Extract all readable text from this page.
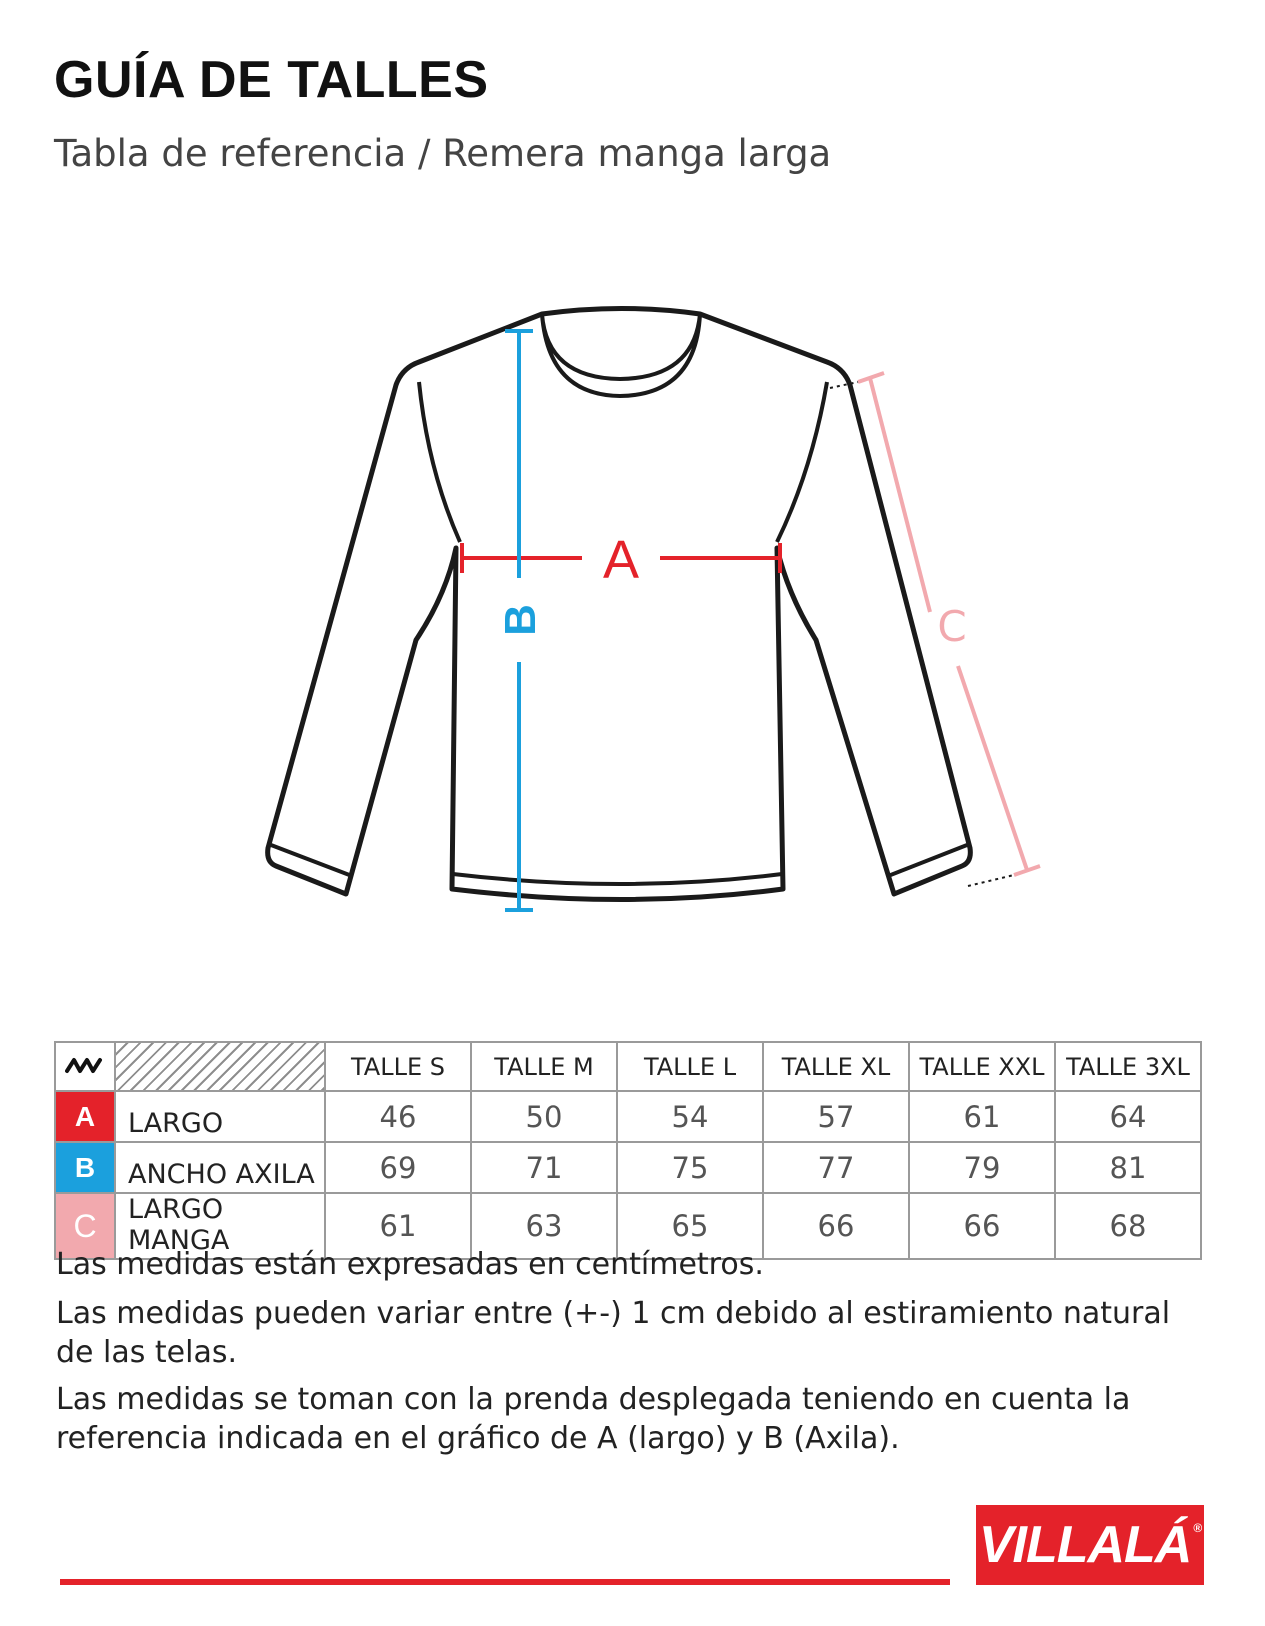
GUÍA DE TALLES

Tabla de referencia / Remera manga larga

A
B	C
		TALLE S	TALLE M	TALLE L	TALLE XL	TALLE XXL	TALLE 3XL
A	LARGO	46	50	54	57	61	64
B	ANCHO AXILA	69	71	75	77	79	81
C	LARGO MANGA	61	63	65	66	66	68

Las medidas están expresadas en centímetros.

Las medidas pueden variar entre (+-) 1 cm debido al estiramiento natural de las telas.

Las medidas se toman con la prenda desplegada teniendo en cuenta la referencia indicada en el gráfico de A (largo) y B (Axila).

VILLALÁ ®
